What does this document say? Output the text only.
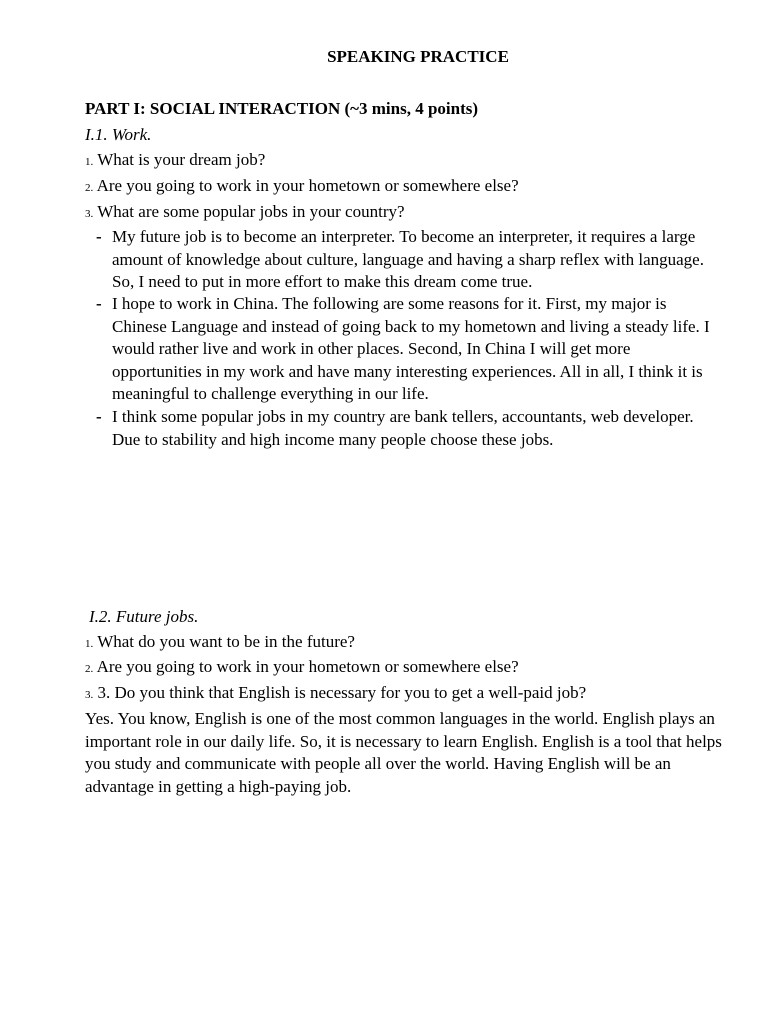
SPEAKING PRACTICE
PART I: SOCIAL INTERACTION (~3 mins, 4 points)
I.1. Work.
1. What is your dream job?
2. Are you going to work in your hometown or somewhere else?
3. What are some popular jobs in your country?
- My future job is to become an interpreter. To become an interpreter, it requires a large amount of knowledge about culture, language and having a sharp reflex with language. So, I need to put in more effort to make this dream come true.
- I hope to work in China. The following are some reasons for it. First, my major is Chinese Language and instead of going back to my hometown and living a steady life. I would rather live and work in other places. Second, In China I will get more opportunities in my work and have many interesting experiences. All in all, I think it is meaningful to challenge everything in our life.
- I think some popular jobs in my country are bank tellers, accountants, web developer. Due to stability and high income many people choose these jobs.
I.2. Future jobs.
1. What do you want to be in the future?
2. Are you going to work in your hometown or somewhere else?
3. 3. Do you think that English is necessary for you to get a well-paid job?
Yes. You know, English is one of the most common languages in the world. English plays an important role in our daily life. So, it is necessary to learn English. English is a tool that helps you study and communicate with people all over the world. Having English will be an advantage in getting a high-paying job.
